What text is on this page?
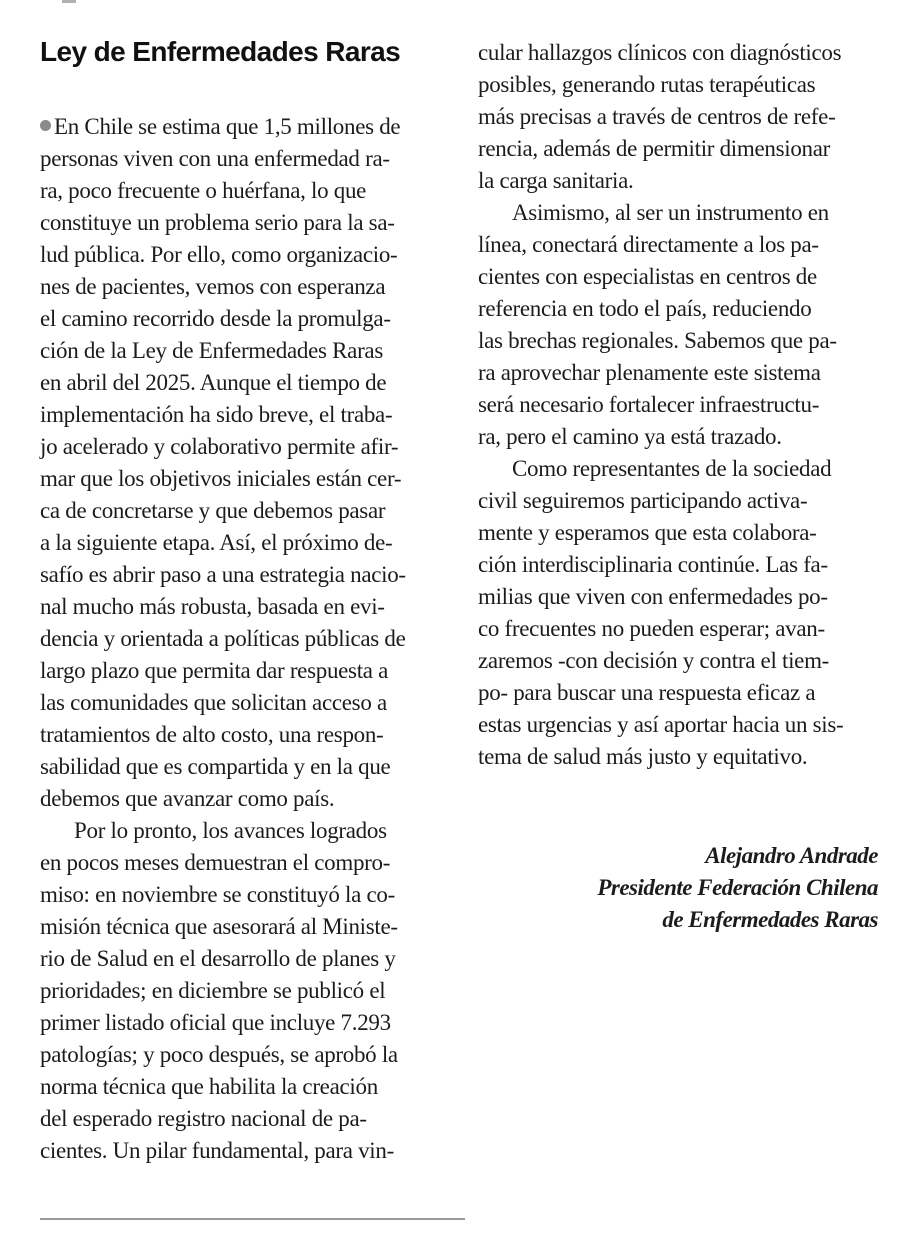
Ley de Enfermedades Raras
En Chile se estima que 1,5 millones de
personas viven con una enfermedad ra-
ra, poco frecuente o huérfana, lo que
constituye un problema serio para la sa-
lud pública. Por ello, como organizacio-
nes de pacientes, vemos con esperanza
el camino recorrido desde la promulga-
ción de la Ley de Enfermedades Raras
en abril del 2025. Aunque el tiempo de
implementación ha sido breve, el traba-
jo acelerado y colaborativo permite afir-
mar que los objetivos iniciales están cer-
ca de concretarse y que debemos pasar
a la siguiente etapa. Así, el próximo de-
safío es abrir paso a una estrategia nacio-
nal mucho más robusta, basada en evi-
dencia y orientada a políticas públicas de
largo plazo que permita dar respuesta a
las comunidades que solicitan acceso a
tratamientos de alto costo, una respon-
sabilidad que es compartida y en la que
debemos que avanzar como país.
Por lo pronto, los avances logrados
en pocos meses demuestran el compro-
miso: en noviembre se constituyó la co-
misión técnica que asesorará al Ministe-
rio de Salud en el desarrollo de planes y
prioridades; en diciembre se publicó el
primer listado oficial que incluye 7.293
patologías; y poco después, se aprobó la
norma técnica que habilita la creación
del esperado registro nacional de pa-
cientes. Un pilar fundamental, para vin-
cular hallazgos clínicos con diagnósticos
posibles, generando rutas terapéuticas
más precisas a través de centros de refe-
rencia, además de permitir dimensionar
la carga sanitaria.
Asimismo, al ser un instrumento en
línea, conectará directamente a los pa-
cientes con especialistas en centros de
referencia en todo el país, reduciendo
las brechas regionales. Sabemos que pa-
ra aprovechar plenamente este sistema
será necesario fortalecer infraestructu-
ra, pero el camino ya está trazado.
Como representantes de la sociedad
civil seguiremos participando activa-
mente y esperamos que esta colabora-
ción interdisciplinaria continúe. Las fa-
milias que viven con enfermedades po-
co frecuentes no pueden esperar; avan-
zaremos -con decisión y contra el tiem-
po- para buscar una respuesta eficaz a
estas urgencias y así aportar hacia un sis-
tema de salud más justo y equitativo.
Alejandro Andrade
Presidente Federación Chilena
de Enfermedades Raras
